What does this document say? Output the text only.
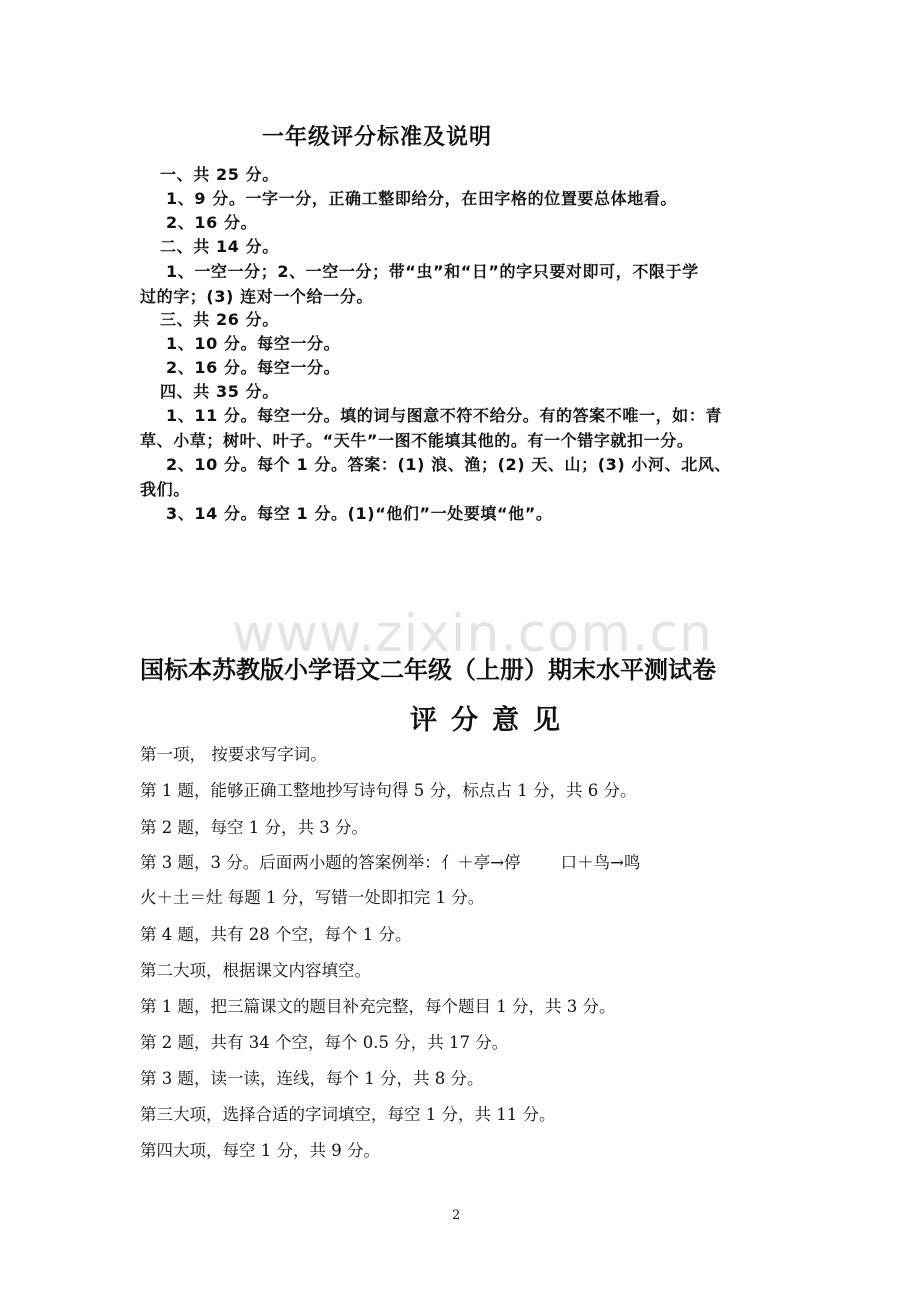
www.zixin.com.cn
一年级评分标准及说明

一、共 25 分。

1、9 分。一字一分，正确工整即给分，在田字格的位置要总体地看。

2、16 分。

二、共 14 分。

1、一空一分；2、一空一分；带“虫”和“日”的字只要对即可，不限于学

过的字；(3) 连对一个给一分。

三、共 26 分。

1、10 分。每空一分。

2、16 分。每空一分。

四、共 35 分。

1、11 分。每空一分。填的词与图意不符不给分。有的答案不唯一，如：青

草、小草；树叶、叶子。“天牛”一图不能填其他的。有一个错字就扣一分。

2、10 分。每个 1 分。答案：(1) 浪、渔；(2) 天、山；(3) 小河、北风、

我们。

3、14 分。每空 1 分。(1)“他们”一处要填“他”。

国标本苏教版小学语文二年级（上册）期末水平测试卷
评分意见

第一项， 按要求写字词。

第 1 题，能够正确工整地抄写诗句得 5 分，标点占 1 分，共 6 分。

第 2 题，每空 1 分，共 3 分。

第 3 题，3 分。后面两小题的答案例举：亻＋亭→停 口＋鸟→鸣

火＋土＝灶 每题 1 分，写错一处即扣完 1 分。

第 4 题，共有 28 个空，每个 1 分。

第二大项，根据课文内容填空。

第 1 题，把三篇课文的题目补充完整，每个题目 1 分，共 3 分。

第 2 题，共有 34 个空，每个 0.5 分，共 17 分。

第 3 题，读一读，连线，每个 1 分，共 8 分。

第三大项，选择合适的字词填空，每空 1 分，共 11 分。

第四大项，每空 1 分，共 9 分。

2
